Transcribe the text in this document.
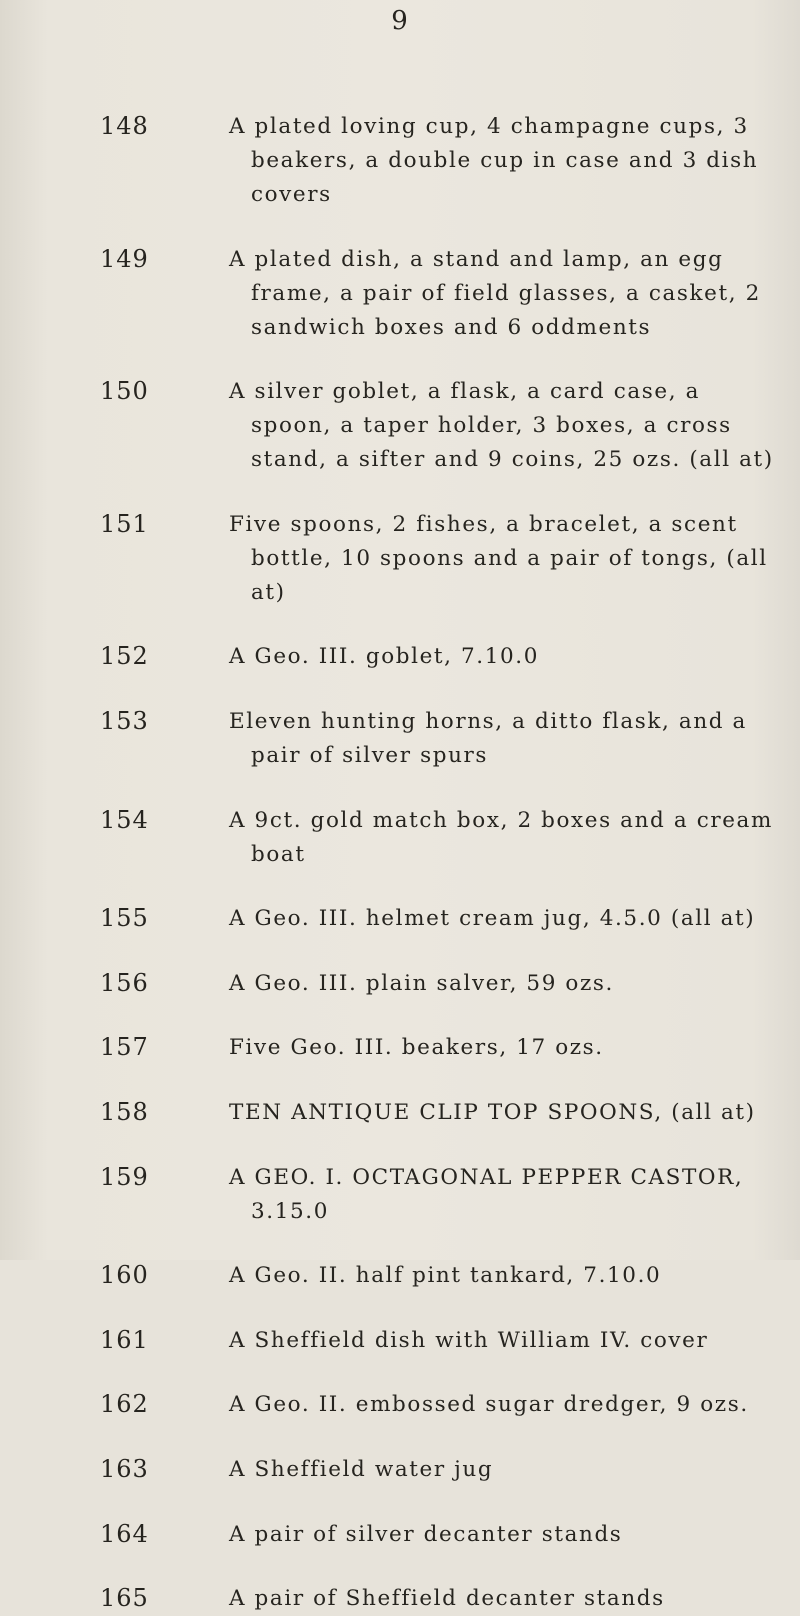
9
148	A plated loving cup, 4 champagne cups, 3 beakers, a double cup in case and 3 dish covers
149	A plated dish, a stand and lamp, an egg frame, a pair of field glasses, a casket, 2 sandwich boxes and 6 oddments
150	A silver goblet, a flask, a card case, a spoon, a taper holder, 3 boxes, a cross stand, a sifter and 9 coins, 25 ozs. (all at)
151	Five spoons, 2 fishes, a bracelet, a scent bottle, 10 spoons and a pair of tongs, (all at)
152	A Geo. III. goblet, 7.10.0
153	Eleven hunting horns, a ditto flask, and a pair of silver spurs
154	A 9ct. gold match box, 2 boxes and a cream boat
155	A Geo. III. helmet cream jug, 4.5.0 (all at)
156	A Geo. III. plain salver, 59 ozs.
157	Five Geo. III. beakers, 17 ozs.
158	TEN ANTIQUE CLIP TOP SPOONS, (all at)
159	A GEO. I. OCTAGONAL PEPPER CASTOR, 3.15.0
160	A Geo. II. half pint tankard, 7.10.0
161	A Sheffield dish with William IV. cover
162	A Geo. II. embossed sugar dredger, 9 ozs.
163	A Sheffield water jug
164	A pair of silver decanter stands
165	A pair of Sheffield decanter stands
